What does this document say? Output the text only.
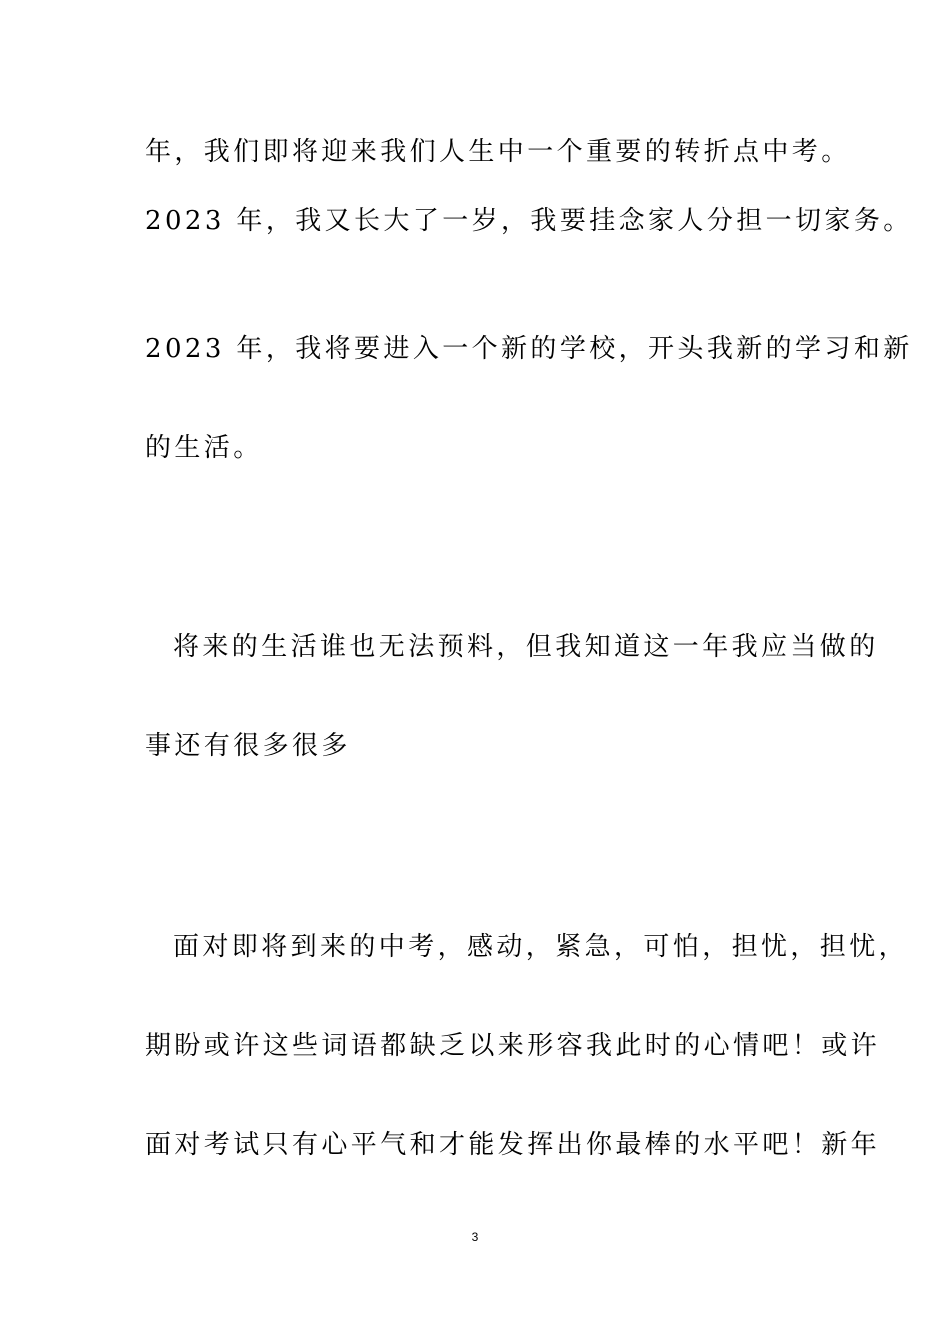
年，我们即将迎来我们人生中一个重要的转折点中考。
2023 年，我又长大了一岁，我要挂念家人分担一切家务。
2023 年，我将要进入一个新的学校，开头我新的学习和新
的生活。
将来的生活谁也无法预料，但我知道这一年我应当做的
事还有很多很多
面对即将到来的中考，感动，紧急，可怕，担忧，担忧，
期盼或许这些词语都缺乏以来形容我此时的心情吧！或许
面对考试只有心平气和才能发挥出你最棒的水平吧！新年
3
